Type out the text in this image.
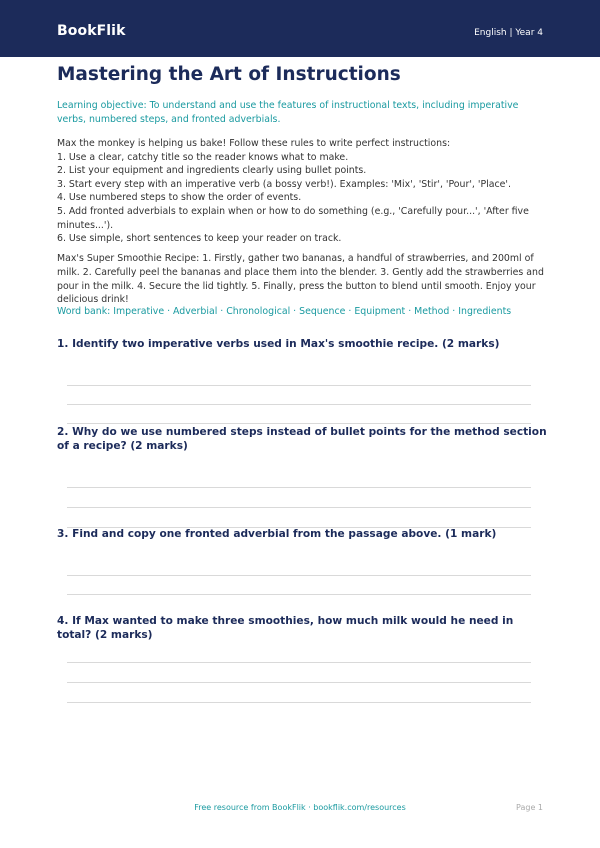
BookFlik	English | Year 4
Mastering the Art of Instructions
Learning objective: To understand and use the features of instructional texts, including imperative verbs, numbered steps, and fronted adverbials.
Max the monkey is helping us bake! Follow these rules to write perfect instructions:
1. Use a clear, catchy title so the reader knows what to make.
2. List your equipment and ingredients clearly using bullet points.
3. Start every step with an imperative verb (a bossy verb!). Examples: 'Mix', 'Stir', 'Pour', 'Place'.
4. Use numbered steps to show the order of events.
5. Add fronted adverbials to explain when or how to do something (e.g., 'Carefully pour...', 'After five minutes...').
6. Use simple, short sentences to keep your reader on track.
Max's Super Smoothie Recipe: 1. Firstly, gather two bananas, a handful of strawberries, and 200ml of milk. 2. Carefully peel the bananas and place them into the blender. 3. Gently add the strawberries and pour in the milk. 4. Secure the lid tightly. 5. Finally, press the button to blend until smooth. Enjoy your delicious drink!
Word bank: Imperative · Adverbial · Chronological · Sequence · Equipment · Method · Ingredients
1. Identify two imperative verbs used in Max's smoothie recipe. (2 marks)
2. Why do we use numbered steps instead of bullet points for the method section of a recipe? (2 marks)
3. Find and copy one fronted adverbial from the passage above. (1 mark)
4. If Max wanted to make three smoothies, how much milk would he need in total? (2 marks)
Free resource from BookFlik · bookflik.com/resources	Page 1
